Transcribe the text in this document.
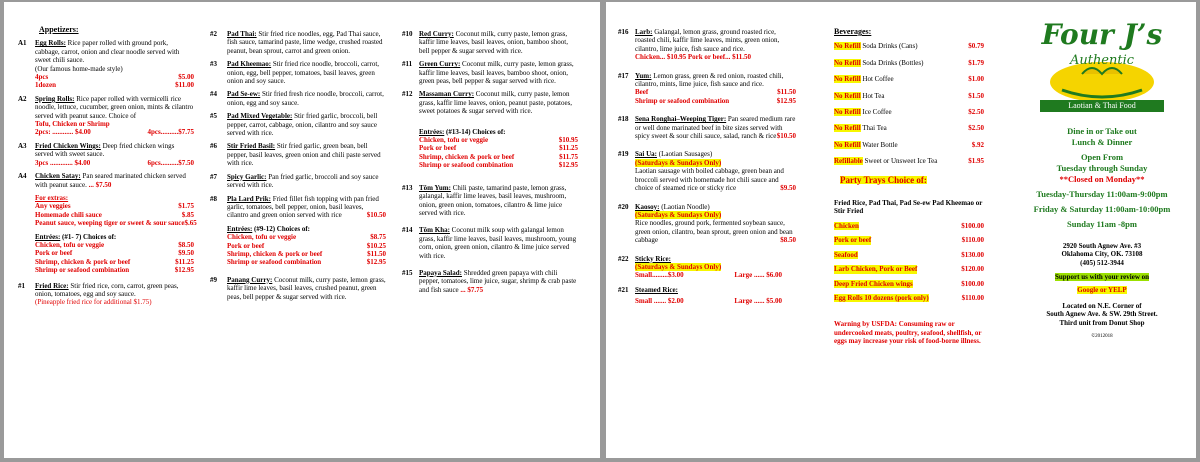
Appetizers:
A1 Egg Rolls: Rice paper rolled with ground pork, cabbage, carrot, onion and clear noodle served with sweet chili sauce.
(Our famous home-made style)
4pcs	$5.00
1dozen	$11.00
A2 Spring Rolls: Rice paper rolled with vermicelli rice noodle, lettuce, cucumber, green onion, mints & cilantro served with peanut sauce. Choice of
Tofu, Chicken or Shrimp
2pcs: ............ $4.00	4pcs..........$7.75
A3 Fried Chicken Wings: Deep fried chicken wings served with sweet sauce.
3pcs ............. $4.00	6pcs..........$7.50
A4 Chicken Satay: Pan seared marinated chicken served with peanut sauce. ... $7.50
For extras:
Any veggies	$1.75
Homemade chili sauce	$.85
Peanut sauce, weeping tiger or sweet & sour sauce $.65
Entrées: (#1- 7) Choices of:
Chicken, tofu or veggie	$8.50
Pork or beef	$9.50
Shrimp, chicken & pork or beef	$11.25
Shrimp or seafood combination	$12.95
#1 Fried Rice: Stir fried rice, corn, carrot, green peas, onion, tomatoes, egg and soy sauce.
(Pineapple fried rice for additional $1.75)
#2 Pad Thai: Stir fried rice noodles, egg, Pad Thai sauce, fish sauce, tamarind paste, lime wedge, crushed roasted peanut, bean sprout, carrot and green onion.
#3 Pad Kheemao: Stir fried rice noodle, broccoli, carrot, onion, egg, bell pepper, tomatoes, basil leaves, green onion and soy sauce.
#4 Pad Se-ew: Stir fried fresh rice noodle, broccoli, carrot, onion, egg and soy sauce.
#5 Pad Mixed Vegetable: Stir fried garlic, broccoli, bell pepper, carrot, cabbage, onion, cilantro and soy sauce served with rice.
#6 Stir Fried Basil: Stir fried garlic, green bean, bell pepper, basil leaves, green onion and chili paste served with rice.
#7 Spicy Garlic: Pan fried garlic, broccoli and soy sauce served with rice.
#8 Pla Lard Prik: Fried fillet fish topping with pan fried garlic, tomatoes, bell pepper, onion, basil leaves, cilantro and green onion served with rice	$10.50
Entrées: (#9-12) Choices of:
Chicken, tofu or veggie	$8.75
Pork or beef	$10.25
Shrimp, chicken & pork or beef	$11.50
Shrimp or seafood combination	$12.95
#9 Panang Curry: Coconut milk, curry paste, lemon grass, kaffir lime leaves, basil leaves, crushed peanut, green peas, bell pepper & sugar served with rice.
#10 Red Curry: Coconut milk, curry paste, lemon grass, kaffir lime leaves, basil leaves, onion, bamboo shoot, bell pepper & sugar served with rice.
#11 Green Curry: Coconut milk, curry paste, lemon grass, kaffir lime leaves, basil leaves, bamboo shoot, onion, green peas, bell pepper & sugar served with rice.
#12 Massaman Curry: Coconut milk, curry paste, lemon grass, kaffir lime leaves, onion, peanut paste, potatoes, sweet potatoes & sugar served with rice.
Entrées: (#13-14) Choices of:
Chicken, tofu or veggie	$10.95
Pork or beef	$11.25
Shrimp, chicken & pork or beef	$11.75
Shrimp or seafood combination	$12.95
#13 Tôm Yum: Chili paste, tamarind paste, lemon grass, galangal, kaffir lime leaves, basil leaves, mushroom, onion, green onion, tomatoes, cilantro & lime juice served with rice.
#14 Tôm Kha: Coconut milk soup with galangal lemon grass, kaffir lime leaves, basil leaves, mushroom, young corn, onion, green onion, cilantro & lime juice served with rice.
#15 Papaya Salad: Shredded green papaya with chili pepper, tomatoes, lime juice, sugar, shrimp & crab paste and fish sauce ... $7.75
#16 Larb: Galangal, lemon grass, ground roasted rice, roasted chili, kaffir lime leaves, mints, green onion, cilantro, lime juice, fish sauce and rice.
Chicken... $10.95 Pork or beef... $11.50
#17 Yum: Lemon grass, green & red onion, roasted chili, cilantro, mints, lime juice, fish sauce and rice.
Beef	$11.50
Shrimp or seafood combination	$12.95
#18 Sena Ronghai–Weeping Tiger: Pan seared medium rare or well done marinated beef in bite sizes served with spicy sweet & sour chili sauce, salad, ranch & rice $10.50
#19 Sai Ua: (Laotian Sausages)
(Saturdays & Sundays Only)
Laotian sausage with boiled cabbage, green bean and broccoli served with homemade hot chili sauce and choice of steamed rice or sticky rice	$9.50
#20 Kaosoy: (Laotian Noodle)
(Saturdays & Sundays Only)
Rice noodles, ground pork, fermented soybean sauce, green onion, cilantro, bean sprout, green onion and bean cabbage	$8.50
#22 Sticky Rice:
(Saturdays & Sundays Only)
Small.........$3.00	Large ...... $6.00
#21 Steamed Rice:
Small ....... $2.00	Large ...... $5.00
Beverages:
No Refill Soda Drinks (Cans)	$0.79
No Refill Soda Drinks (Bottles)	$1.79
No Refill Hot Coffee	$1.00
No Refill Hot Tea	$1.50
No Refill Ice Coffee	$2.50
No Refill Thai Tea	$2.50
No Refill Water Bottle	$.92
Refillable Sweet or Unsweet Ice Tea	$1.95
Party Trays Choice of:
Fried Rice, Pad Thai, Pad Se-ew Pad Kheemao or Stir Fried
Chicken	$100.00
Pork or beef	$110.00
Seafood	$130.00
Larb Chicken, Pork or Beef	$120.00
Deep Fried Chicken wings	$100.00
Egg Rolls 10 dozens (pork only)	$110.00
Warning by USFDA: Consuming raw or undercooked meats, poultry, seafood, shellfish, or eggs may increase your risk of food-borne illness.
Four J’s
Authentic
Laotian & Thai Food
Dine in or Take out
Lunch & Dinner
Open From
Tuesday through Sunday
**Closed on Monday**
Tuesday-Thursday 11:00am-9:00pm
Friday & Saturday 11:00am-10:00pm
Sunday 11am -8pm
2920 South Agnew Ave. #3
Oklahoma City, OK. 73108
(405) 512-3944
Support us with your review on
Google or YELP
Located on N.E. Corner of
South Agnew Ave. & SW. 29th Street.
Third unit from Donut Shop
©2012018
